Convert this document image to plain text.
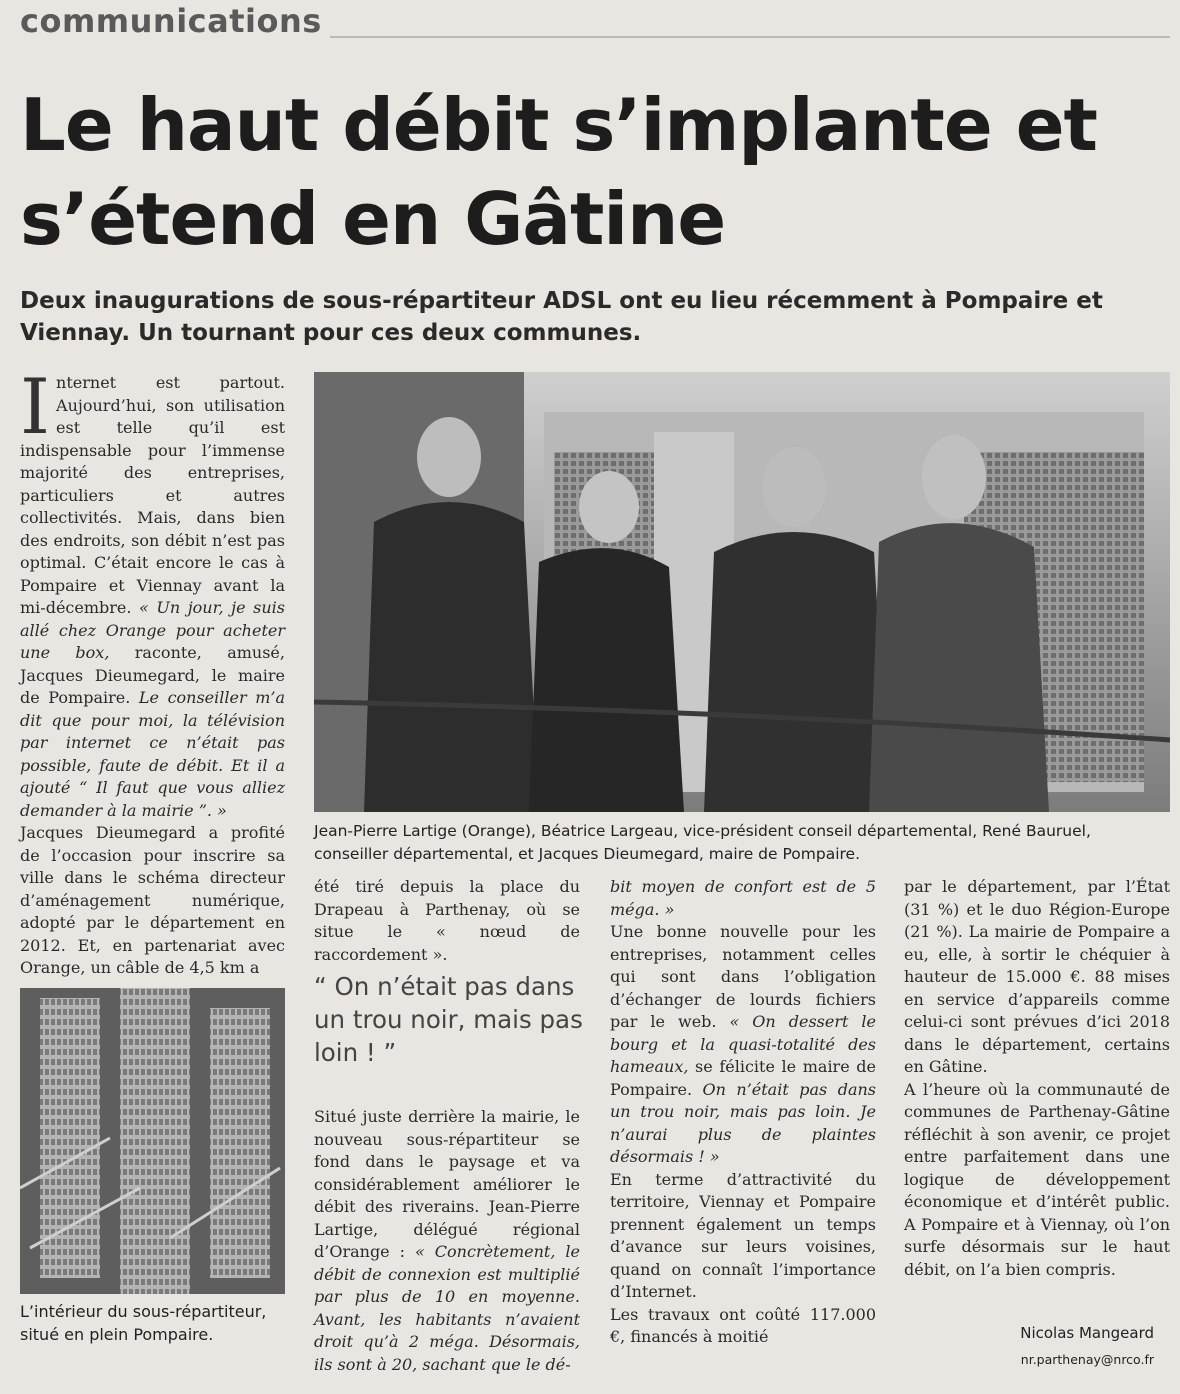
communications
Le haut débit s’implante et s’étend en Gâtine

Deux inaugurations de sous-répartiteur ADSL ont eu lieu récemment à Pompaire et Viennay. Un tournant pour ces deux communes.

Internet est partout. Aujourd’hui, son utilisation est telle qu’il est indispensable pour l’immense majorité des entreprises, particuliers et autres collectivités. Mais, dans bien des endroits, son débit n’est pas optimal. C’était encore le cas à Pompaire et Viennay avant la mi-décembre. « Un jour, je suis allé chez Orange pour acheter une box, raconte, amusé, Jacques Dieumegard, le maire de Pompaire. Le conseiller m’a dit que pour moi, la télévision par internet ce n’était pas possible, faute de débit. Et il a ajouté “ Il faut que vous alliez demander à la mairie ”. »

Jacques Dieumegard a profité de l’occasion pour inscrire sa ville dans le schéma directeur d’aménagement numérique, adopté par le département en 2012. Et, en partenariat avec Orange, un câble de 4,5 km a

Jean-Pierre Lartige (Orange), Béatrice Largeau, vice-président conseil départemental, René Bauruel, conseiller départemental, et Jacques Dieumegard, maire de Pompaire.
L’intérieur du sous-répartiteur, situé en plein Pompaire.

été tiré depuis la place du Drapeau à Parthenay, où se situe le « nœud de raccordement ».

“ On n’était pas dans un trou noir, mais pas loin ! ”

Situé juste derrière la mairie, le nouveau sous-répartiteur se fond dans le paysage et va considérablement améliorer le débit des riverains. Jean-Pierre Lartige, délégué régional d’Orange : « Concrètement, le débit de connexion est multiplié par plus de 10 en moyenne. Avant, les habitants n’avaient droit qu’à 2 méga. Désormais, ils sont à 20, sachant que le dé-

bit moyen de confort est de 5 méga. »

Une bonne nouvelle pour les entreprises, notamment celles qui sont dans l’obligation d’échanger de lourds fichiers par le web. « On dessert le bourg et la quasi-totalité des hameaux, se félicite le maire de Pompaire. On n’était pas dans un trou noir, mais pas loin. Je n’aurai plus de plaintes désormais ! »

En terme d’attractivité du territoire, Viennay et Pompaire prennent également un temps d’avance sur leurs voisines, quand on connaît l’importance d’Internet.

Les travaux ont coûté 117.000 €, financés à moitié

par le département, par l’État (31 %) et le duo Région-Europe (21 %). La mairie de Pompaire a eu, elle, à sortir le chéquier à hauteur de 15.000 €. 88 mises en service d’appareils comme celui-ci sont prévues d’ici 2018 dans le département, certains en Gâtine.

A l’heure où la communauté de communes de Parthenay-Gâtine réfléchit à son avenir, ce projet entre parfaitement dans une logique de développement économique et d’intérêt public. A Pompaire et à Viennay, où l’on surfe désormais sur le haut débit, on l’a bien compris.

Nicolas Mangeard
nr.parthenay@nrco.fr
